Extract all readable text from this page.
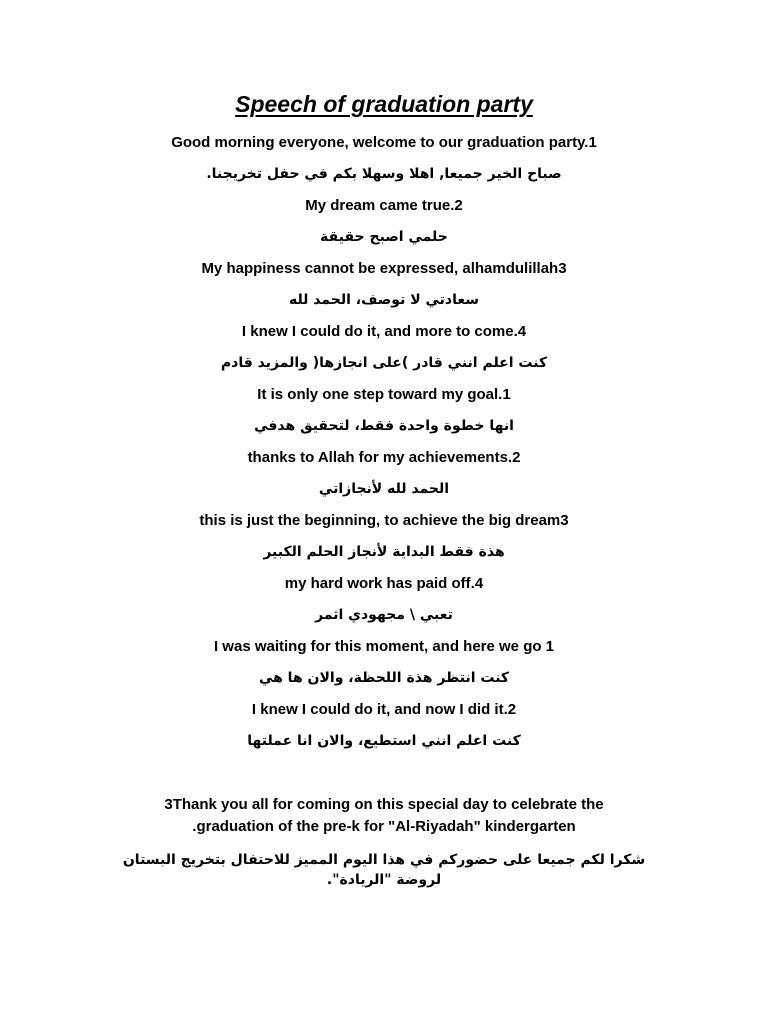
Speech of graduation party
Good morning everyone, welcome to our graduation party.1
صباح الخير جميعا, اهلا وسهلا بكم في حفل تخريجنا.
My dream came true.2
حلمي اصبح حقيقة
My happiness cannot be expressed, alhamdulillah3
سعادتي لا توصف، الحمد لله
I knew I could do it, and more to come.4
كنت اعلم انني قادر )على انجازها( والمزيد قادم
It is only one step toward my goal.1
انها خطوة واحدة فقط، لتحقيق هدفي
thanks to Allah for my achievements.2
الحمد لله لأنجازاتي
this is just the beginning, to achieve the big dream3
هذة فقط البداية لأنجاز الحلم الكبير
my hard work has paid off.4
تعبي \ مجهودي اثمر
I was waiting for this moment, and here we go 1
كنت انتظر هذة اللحظة، والان ها هي
I knew I could do it, and now I did it.2
كنت اعلم انني استطيع، والان انا عملتها
3Thank you all for coming on this special day to celebrate the .graduation of the pre-k for "Al-Riyadah" kindergarten
شكرا لكم جميعا على حضوركم في هذا اليوم المميز للاحتفال بتخريج البستان لروضة "الريادة".
